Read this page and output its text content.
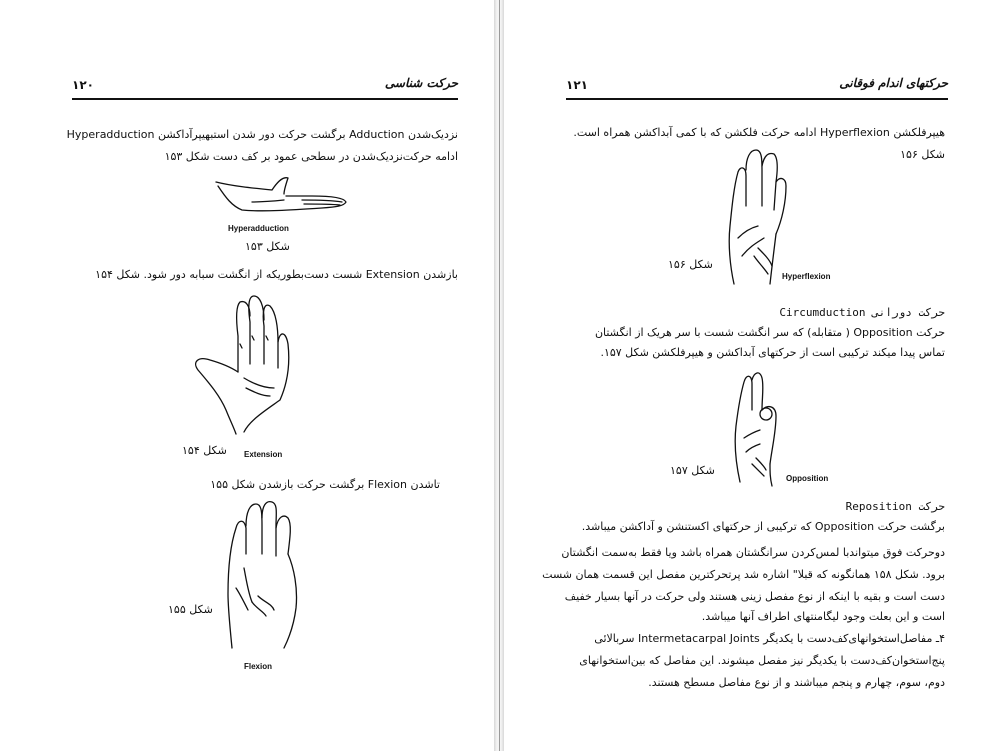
۱۲۰	حرکت شناسی
نزدیک‌شدن Adduction برگشت حرکت دور شدن استبهیپرآداکشن Hyperadduction
ادامه حرکت‌نزدیک‌شدن در سطحی عمود بر کف دست شکل ۱۵۳
Hyperadduction
شکل ۱۵۳
بازشدن Extension شست دست‌بطوریکه از انگشت سبابه دور شود. شکل ۱۵۴
شکل ۱۵۴ Extension
تاشدن Flexion برگشت حرکت بازشدن شکل ۱۵۵
شکل ۱۵۵
Flexion
۱۲۱	حرکتهای اندام فوقانی
هیپرفلکشن Hyperflexion ادامه حرکت فلکشن که با کمی آبداکشن همراه است.
شکل ۱۵۶
شکل ۱۵۶
Hyperflexion
حرکت دورانی Circumduction
حرکت Opposition ( متقابله) که سر انگشت شست با سر هریک از انگشتان
تماس پیدا میکند ترکیبی است از حرکتهای آبداکشن و هیپرفلکشن شکل ۱۵۷.
شکل ۱۵۷
Opposition
حرکت Reposition
برگشت حرکت Opposition که ترکیبی از حرکتهای اکستنشن و آداکشن میباشد.
دوحرکت فوق میتواندبا لمس‌کردن سرانگشتان همراه باشد ویا فقط به‌سمت انگشتان
برود. شکل ۱۵۸ همانگونه که قبلا" اشاره شد پرتحرکترین مفصل این قسمت همان شست
دست است و بقیه با اینکه از نوع مفصل زینی هستند ولی حرکت در آنها بسیار خفیف
است و این بعلت وجود لیگامنتهای اطراف آنها میباشد.
۴ـ مفاصل‌استخوانهای‌کف‌دست با یکدیگر Intermetacarpal Joints سربالائی
پنج‌استخوان‌کف‌دست با یکدیگر نیز مفصل میشوند. این مفاصل که بین‌استخوانهای
دوم، سوم، چهارم و پنجم میباشند و از نوع مفاصل مسطح هستند.
